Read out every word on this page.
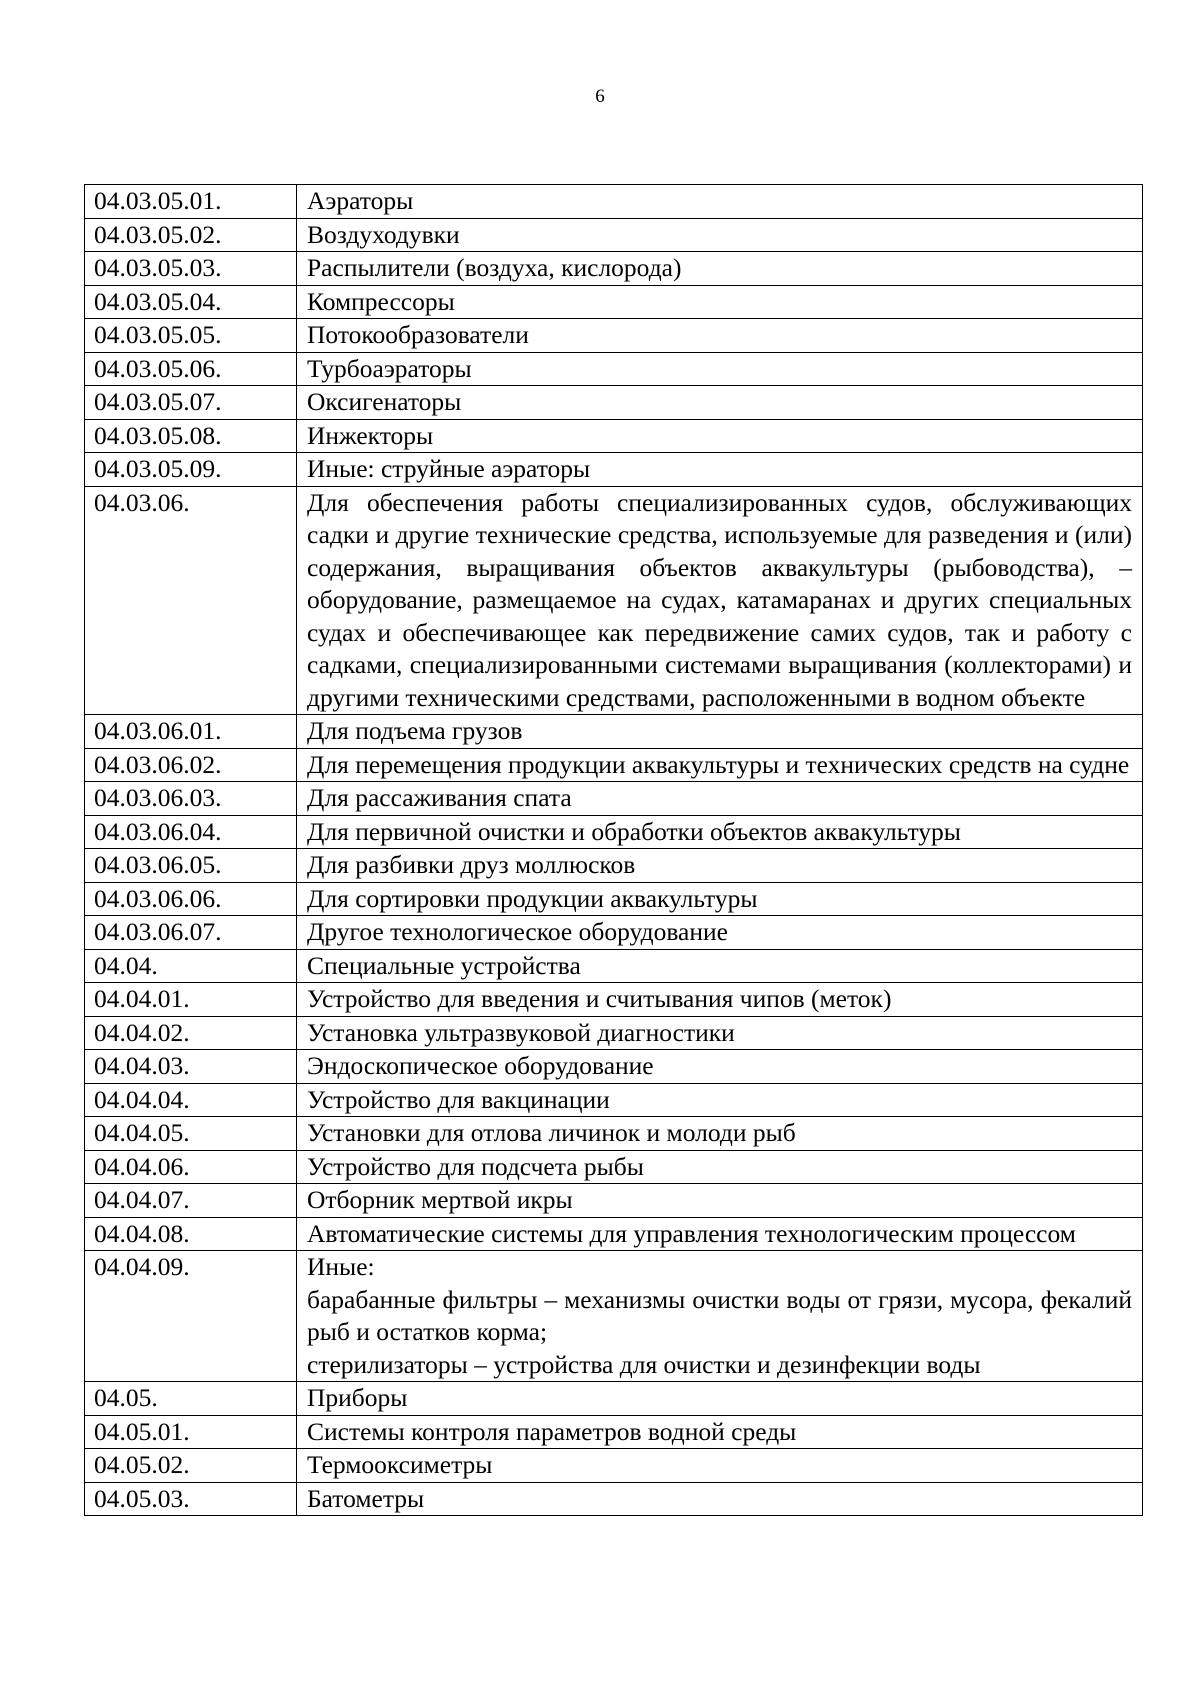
6
04.03.05.01.	Аэраторы

04.03.05.02.	Воздуходувки

04.03.05.03.	Распылители (воздуха, кислорода)

04.03.05.04.	Компрессоры

04.03.05.05.	Потокообразователи

04.03.05.06.	Турбоаэраторы

04.03.05.07.	Оксигенаторы

04.03.05.08.	Инжекторы

04.03.05.09.	Иные: струйные аэраторы

04.03.06.	Для обеспечения работы специализированных судов, обслуживающих садки и другие технические средства, используемые для разведения и (или) содержания, выращивания объектов аквакультуры (рыбоводства), – оборудование, размещаемое на судах, катамаранах и других специальных судах и обеспечивающее как передвижение самих судов, так и работу с садками, специализированными системами выращивания (коллекторами) и другими техническими средствами, расположенными в водном объекте

04.03.06.01.	Для подъема грузов

04.03.06.02.	Для перемещения продукции аквакультуры и технических средств на судне

04.03.06.03.	Для рассаживания спата

04.03.06.04.	Для первичной очистки и обработки объектов аквакультуры

04.03.06.05.	Для разбивки друз моллюсков

04.03.06.06.	Для сортировки продукции аквакультуры

04.03.06.07.	Другое технологическое оборудование

04.04.	Специальные устройства

04.04.01.	Устройство для введения и считывания чипов (меток)

04.04.02.	Установка ультразвуковой диагностики

04.04.03.	Эндоскопическое оборудование

04.04.04.	Устройство для вакцинации

04.04.05.	Установки для отлова личинок и молоди рыб

04.04.06.	Устройство для подсчета рыбы

04.04.07.	Отборник мертвой икры

04.04.08.	Автоматические системы для управления технологическим процессом

04.04.09.	Иные:
барабанные фильтры – механизмы очистки воды от грязи, мусора, фекалий рыб и остатков корма;
стерилизаторы – устройства для очистки и дезинфекции воды

04.05.	Приборы

04.05.01.	Системы контроля параметров водной среды

04.05.02.	Термооксиметры

04.05.03.	Батометры
